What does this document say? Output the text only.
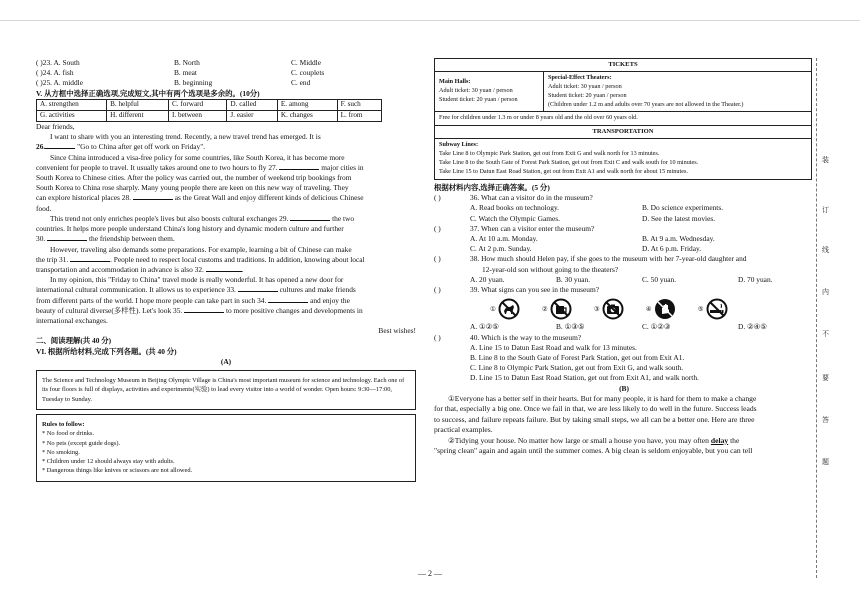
( )23. A. South	B. North	C. Middle
( )24. A. fish	B. meat	C. couplets
( )25. A. middle	B. beginning	C. end

V. 从方框中选择正确选项,完成短文,其中有两个选项是多余的。(10分)

A. strengthen	B. helpful	C. forward	D. called	E. among	F. such
G. activities	H. different	I. between	J. easier	K. changes	L. from

Dear friends,

I want to share with you an interesting trend. Recently, a new travel trend has emerged. It is

26.	"Go to China after get off work on Friday".

Since China introduced a visa-free policy for some countries, like South Korea, it has become more

convenient for people to travel. It usually takes around one to two hours to fly 27.	major cities in

South Korea to Chinese cities. After the policy was carried out, the number of weekend trip bookings from

South Korea to China rose sharply. Many young people there are keen on this new way of traveling. They

can explore historical places 28.	as the Great Wall and enjoy different kinds of delicious Chinese

food.

This trend not only enriches people's lives but also boosts cultural exchanges 29.	the two

countries. It helps more people understand China's long history and dynamic modern culture and further

30.	the friendship between them.

However, traveling also demands some preparations. For example, learning a bit of Chinese can make

the trip 31.	. People need to respect local customs and traditions. In addition, knowing about local

transportation and accommodation in advance is also 32.	.

In my opinion, this "Friday to China" travel mode is really wonderful. It has opened a new door for

international cultural communication. It allows us to experience 33.	cultures and make friends

from different parts of the world. I hope more people can take part in such 34.	and enjoy the

beauty of cultural diverse(多样性). Let's look 35.	to more positive changes and developments in

international exchanges.

Best wishes!

二、阅读理解(共 40 分)

VI. 根据所给材料,完成下列各题。(共 40 分)

(A)

The Science and Technology Museum in Beijing Olympic Village is China's most important museum for science and technology. Each one of its four floors is full of displays, activities and experiments(实验) to lead every visitor into a world of wonder. Open hours: 9:30—17:00, Tuesday to Sunday.

Rules to follow:

* No food or drinks.

* No pets (except guide dogs).

* No smoking.

* Children under 12 should always stay with adults.

* Dangerous things like knives or scissors are not allowed.

TICKETS

Main Halls:
Adult ticket: 30 yuan / person
Student ticket: 20 yuan / person

Special-Effect Theaters:
Adult ticket: 30 yuan / person
Student ticket: 20 yuan / person
(Children under 1.2 m and adults over 70 years are not allowed in the Theater.)

Free for children under 1.3 m or under 8 years old and the old over 60 years old.
TRANSPORTATION

Subway Lines:
Take Line 8 to Olympic Park Station, get out from Exit G and walk north for 13 minutes.
Take Line 8 to the South Gate of Forest Park Station, get out from Exit C and walk south for 10 minutes.
Take Line 15 to Datun East Road Station, get out from Exit A1 and walk north for about 15 minutes.

根据材料内容,选择正确答案。(5 分)

( )	36. What can a visitor do in the museum?
A. Read books on technology.	B. Do science experiments.
C. Watch the Olympic Games.	D. See the latest movies.
( )	37. When can a visitor enter the museum?
A. At 10 a.m. Monday.	B. At 9 a.m. Wednesday.
C. At 2 p.m. Sunday.	D. At 6 p.m. Friday.
( )	38. How much should Helen pay, if she goes to the museum with her 7-year-old daughter and
12-year-old son without going to the theaters?
A. 20 yuan.	B. 30 yuan.	C. 50 yuan.	D. 70 yuan.
( )	39. What signs can you see in the museum?
①	②	③	④	⑤
A. ①②⑤	B. ①③⑤	C. ①②③	D. ②④⑤
( )	40. Which is the way to the museum?
A. Line 15 to Datun East Road and walk for 13 minutes.
B. Line 8 to the South Gate of Forest Park Station, get out from Exit A1.
C. Line 8 to Olympic Park Station, get out from Exit G, and walk south.
D. Line 15 to Datun East Road Station, get out from Exit A1, and walk north.

(B)

①Everyone has a better self in their hearts. But for many people, it is hard for them to make a change

for that, especially a big one. Once we fail in that, we are less likely to do well in the future. Success leads

to success, and failure repeats failure. But by taking small steps, we all can be a better one. Here are three

practical examples.

②Tidying your house. No matter how large or small a house you have, you may often delay the

"spring clean" again and again until the summer comes. A big clean is seldom enjoyable, but you can tell

装
订
线
内
不
要
答
题
— 2 —
